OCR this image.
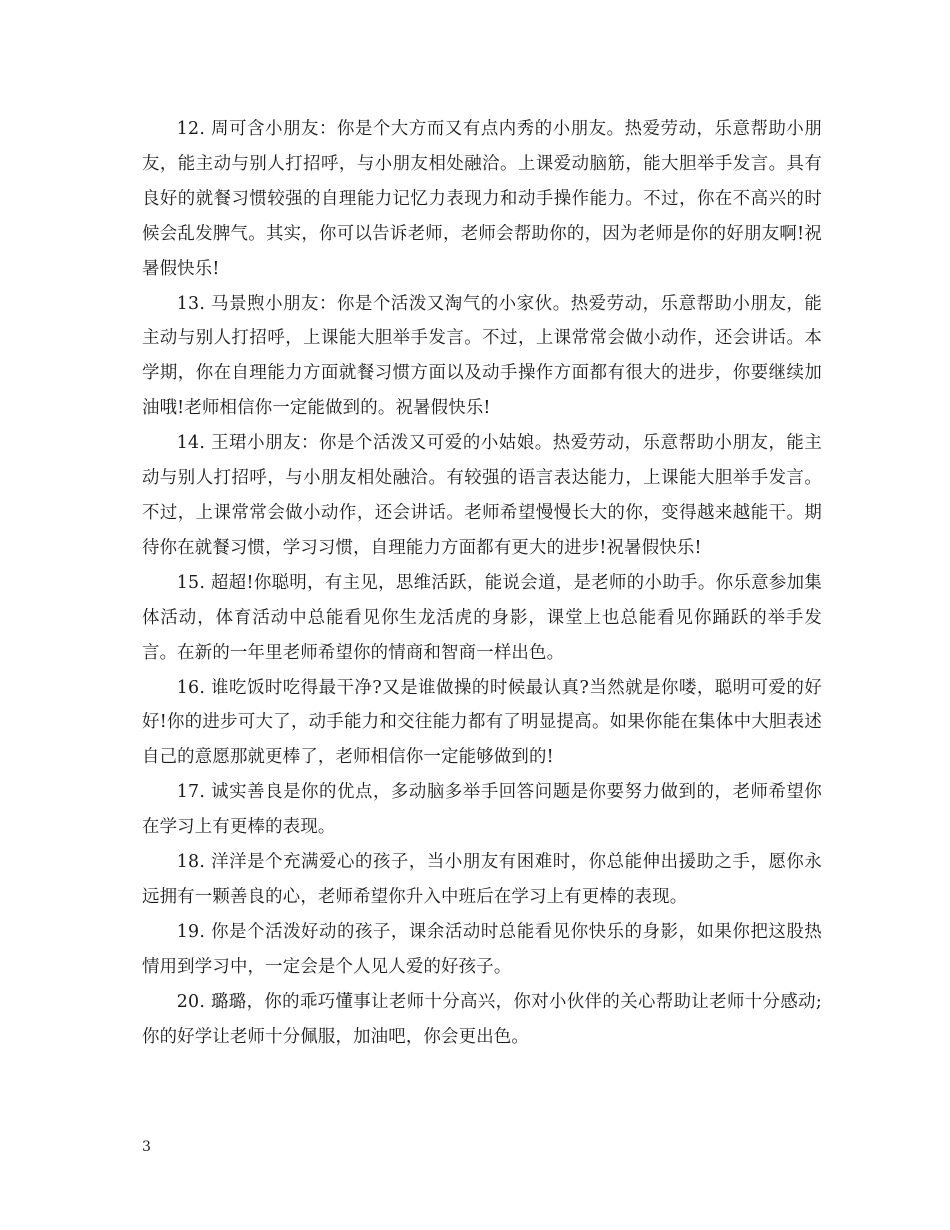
12. 周可含小朋友：你是个大方而又有点内秀的小朋友。热爱劳动，乐意帮助小朋友，能主动与别人打招呼，与小朋友相处融洽。上课爱动脑筋，能大胆举手发言。具有良好的就餐习惯较强的自理能力记忆力表现力和动手操作能力。不过，你在不高兴的时候会乱发脾气。其实，你可以告诉老师，老师会帮助你的，因为老师是你的好朋友啊!祝暑假快乐!

13. 马景煦小朋友：你是个活泼又淘气的小家伙。热爱劳动，乐意帮助小朋友，能主动与别人打招呼，上课能大胆举手发言。不过，上课常常会做小动作，还会讲话。本学期，你在自理能力方面就餐习惯方面以及动手操作方面都有很大的进步，你要继续加油哦!老师相信你一定能做到的。祝暑假快乐!

14. 王珺小朋友：你是个活泼又可爱的小姑娘。热爱劳动，乐意帮助小朋友，能主动与别人打招呼，与小朋友相处融洽。有较强的语言表达能力，上课能大胆举手发言。不过，上课常常会做小动作，还会讲话。老师希望慢慢长大的你，变得越来越能干。期待你在就餐习惯，学习习惯，自理能力方面都有更大的进步!祝暑假快乐!

15. 超超!你聪明，有主见，思维活跃，能说会道，是老师的小助手。你乐意参加集体活动，体育活动中总能看见你生龙活虎的身影，课堂上也总能看见你踊跃的举手发言。在新的一年里老师希望你的情商和智商一样出色。

16. 谁吃饭时吃得最干净?又是谁做操的时候最认真?当然就是你喽，聪明可爱的好好!你的进步可大了，动手能力和交往能力都有了明显提高。如果你能在集体中大胆表述自己的意愿那就更棒了，老师相信你一定能够做到的!

17. 诚实善良是你的优点，多动脑多举手回答问题是你要努力做到的，老师希望你在学习上有更棒的表现。

18. 洋洋是个充满爱心的孩子，当小朋友有困难时，你总能伸出援助之手，愿你永远拥有一颗善良的心，老师希望你升入中班后在学习上有更棒的表现。

19. 你是个活泼好动的孩子，课余活动时总能看见你快乐的身影，如果你把这股热情用到学习中，一定会是个人见人爱的好孩子。

20. 璐璐，你的乖巧懂事让老师十分高兴，你对小伙伴的关心帮助让老师十分感动;你的好学让老师十分佩服，加油吧，你会更出色。

3
